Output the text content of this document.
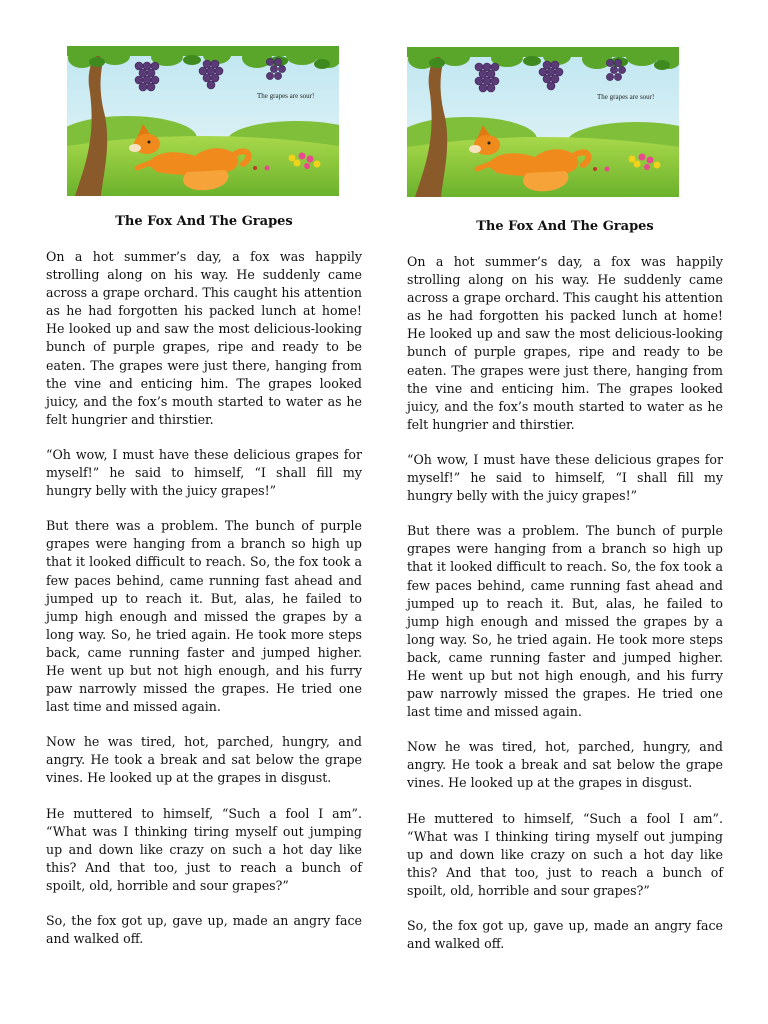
The grapes are sour!
The Fox And The Grapes

On a hot summer’s day, a fox was happily strolling along on his way. He suddenly came across a grape orchard. This caught his attention as he had forgotten his packed lunch at home! He looked up and saw the most delicious-looking bunch of purple grapes, ripe and ready to be eaten. The grapes were just there, hanging from the vine and enticing him. The grapes looked juicy, and the fox’s mouth started to water as he felt hungrier and thirstier.

“Oh wow, I must have these delicious grapes for myself!” he said to himself, “I shall fill my hungry belly with the juicy grapes!”

But there was a problem. The bunch of purple grapes were hanging from a branch so high up that it looked difficult to reach. So, the fox took a few paces behind, came running fast ahead and jumped up to reach it. But, alas, he failed to jump high enough and missed the grapes by a long way. So, he tried again. He took more steps back, came running faster and jumped higher. He went up but not high enough, and his furry paw narrowly missed the grapes. He tried one last time and missed again.

Now he was tired, hot, parched, hungry, and angry. He took a break and sat below the grape vines. He looked up at the grapes in disgust.

He muttered to himself, “Such a fool I am”. “What was I thinking tiring myself out jumping up and down like crazy on such a hot day like this? And that too, just to reach a bunch of spoilt, old, horrible and sour grapes?”

So, the fox got up, gave up, made an angry face and walked off.

The grapes are sour!
The Fox And The Grapes

On a hot summer’s day, a fox was happily strolling along on his way. He suddenly came across a grape orchard. This caught his attention as he had forgotten his packed lunch at home! He looked up and saw the most delicious-looking bunch of purple grapes, ripe and ready to be eaten. The grapes were just there, hanging from the vine and enticing him. The grapes looked juicy, and the fox’s mouth started to water as he felt hungrier and thirstier.

“Oh wow, I must have these delicious grapes for myself!” he said to himself, “I shall fill my hungry belly with the juicy grapes!”

But there was a problem. The bunch of purple grapes were hanging from a branch so high up that it looked difficult to reach. So, the fox took a few paces behind, came running fast ahead and jumped up to reach it. But, alas, he failed to jump high enough and missed the grapes by a long way. So, he tried again. He took more steps back, came running faster and jumped higher. He went up but not high enough, and his furry paw narrowly missed the grapes. He tried one last time and missed again.

Now he was tired, hot, parched, hungry, and angry. He took a break and sat below the grape vines. He looked up at the grapes in disgust.

He muttered to himself, “Such a fool I am”. “What was I thinking tiring myself out jumping up and down like crazy on such a hot day like this? And that too, just to reach a bunch of spoilt, old, horrible and sour grapes?”

So, the fox got up, gave up, made an angry face and walked off.
